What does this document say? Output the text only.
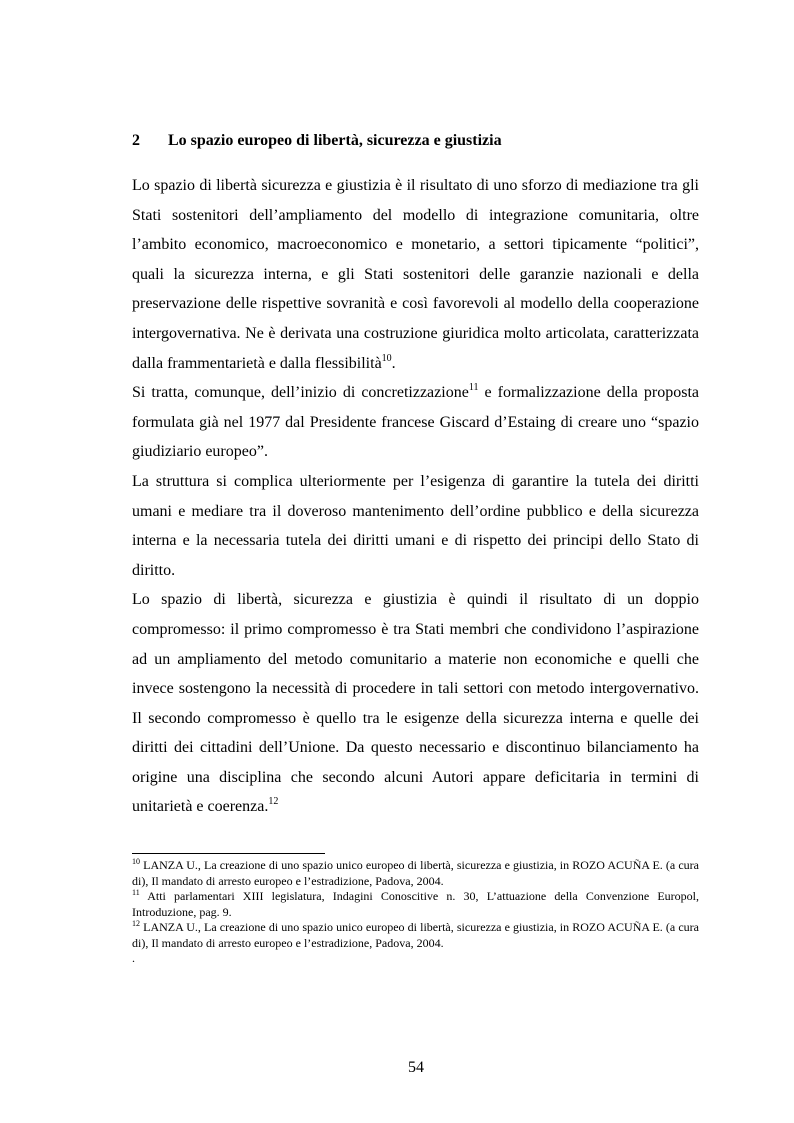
2 Lo spazio europeo di libertà, sicurezza e giustizia

Lo spazio di libertà sicurezza e giustizia è il risultato di uno sforzo di mediazione tra gli Stati sostenitori dell’ampliamento del modello di integrazione comunitaria, oltre l’ambito economico, macroeconomico e monetario, a settori tipicamente “politici”, quali la sicurezza interna, e gli Stati sostenitori delle garanzie nazionali e della preservazione delle rispettive sovranità e così favorevoli al modello della cooperazione intergovernativa. Ne è derivata una costruzione giuridica molto articolata, caratterizzata dalla frammentarietà e dalla flessibilità$^{10}$.

Si tratta, comunque, dell’inizio di concretizzazione$^{11}$ e formalizzazione della proposta formulata già nel 1977 dal Presidente francese Giscard d’Estaing di creare uno “spazio giudiziario europeo”.

La struttura si complica ulteriormente per l’esigenza di garantire la tutela dei diritti umani e mediare tra il doveroso mantenimento dell’ordine pubblico e della sicurezza interna e la necessaria tutela dei diritti umani e di rispetto dei principi dello Stato di diritto.

Lo spazio di libertà, sicurezza e giustizia è quindi il risultato di un doppio compromesso: il primo compromesso è tra Stati membri che condividono l’aspirazione ad un ampliamento del metodo comunitario a materie non economiche e quelli che invece sostengono la necessità di procedere in tali settori con metodo intergovernativo. Il secondo compromesso è quello tra le esigenze della sicurezza interna e quelle dei diritti dei cittadini dell’Unione. Da questo necessario e discontinuo bilanciamento ha origine una disciplina che secondo alcuni Autori appare deficitaria in termini di unitarietà e coerenza.$^{12}$

$^{10}$ LANZA U., La creazione di uno spazio unico europeo di libertà, sicurezza e giustizia, in ROZO ACUÑA E. (a cura di), Il mandato di arresto europeo e l’estradizione, Padova, 2004.

$^{11}$ Atti parlamentari XIII legislatura, Indagini Conoscitive n. 30, L’attuazione della Convenzione Europol, Introduzione, pag. 9.

$^{12}$ LANZA U., La creazione di uno spazio unico europeo di libertà, sicurezza e giustizia, in ROZO ACUÑA E. (a cura di), Il mandato di arresto europeo e l’estradizione, Padova, 2004.

.

54
